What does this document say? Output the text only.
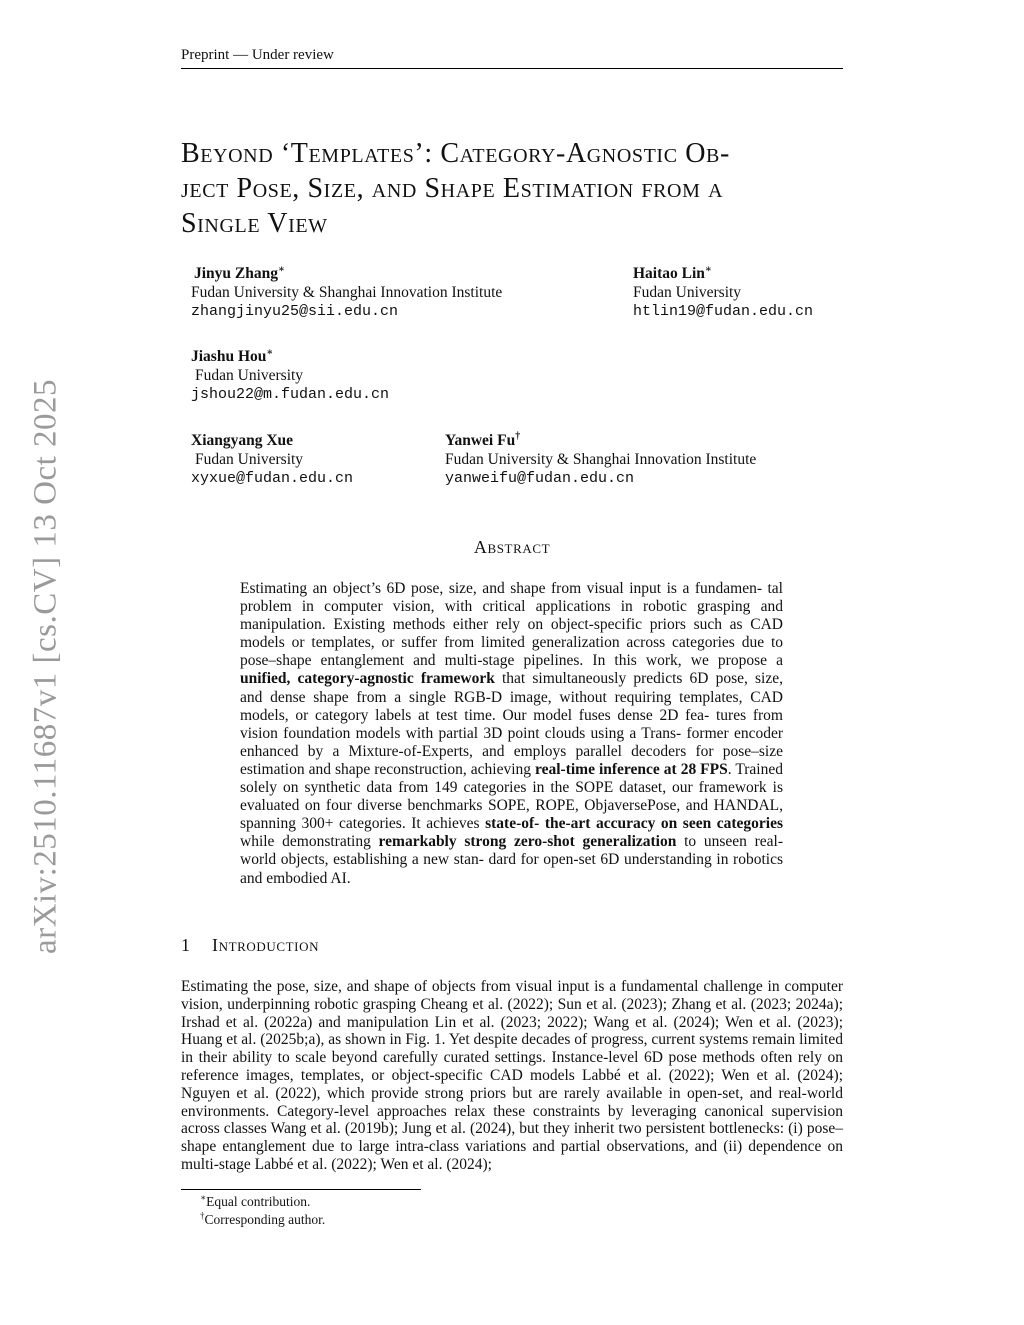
Preprint — Under review
arXiv:2510.11687v1 [cs.CV] 13 Oct 2025
Beyond ‘Templates’: Category-Agnostic Ob-
ject Pose, Size, and Shape Estimation from a
Single View
Jinyu Zhang∗
Fudan University & Shanghai Innovation Institute
zhangjinyu25@sii.edu.cn
Haitao Lin∗
Fudan University
htlin19@fudan.edu.cn
Jiashu Hou∗
Fudan University
jshou22@m.fudan.edu.cn
Xiangyang Xue
Fudan University
xyxue@fudan.edu.cn
Yanwei Fu†
Fudan University & Shanghai Innovation Institute
yanweifu@fudan.edu.cn
Abstract
Estimating an object’s 6D pose, size, and shape from visual input is a fundamen- tal problem in computer vision, with critical applications in robotic grasping and manipulation. Existing methods either rely on object-specific priors such as CAD models or templates, or suffer from limited generalization across categories due to pose–shape entanglement and multi-stage pipelines. In this work, we propose a unified, category-agnostic framework that simultaneously predicts 6D pose, size, and dense shape from a single RGB-D image, without requiring templates, CAD models, or category labels at test time. Our model fuses dense 2D fea- tures from vision foundation models with partial 3D point clouds using a Trans- former encoder enhanced by a Mixture-of-Experts, and employs parallel decoders for pose–size estimation and shape reconstruction, achieving real-time inference at 28 FPS. Trained solely on synthetic data from 149 categories in the SOPE dataset, our framework is evaluated on four diverse benchmarks SOPE, ROPE, ObjaversePose, and HANDAL, spanning 300+ categories. It achieves state-of- the-art accuracy on seen categories while demonstrating remarkably strong zero-shot generalization to unseen real-world objects, establishing a new stan- dard for open-set 6D understanding in robotics and embodied AI.
1 Introduction
Estimating the pose, size, and shape of objects from visual input is a fundamental challenge in computer vision, underpinning robotic grasping Cheang et al. (2022); Sun et al. (2023); Zhang et al. (2023; 2024a); Irshad et al. (2022a) and manipulation Lin et al. (2023; 2022); Wang et al. (2024); Wen et al. (2023); Huang et al. (2025b;a), as shown in Fig. 1. Yet despite decades of progress, current systems remain limited in their ability to scale beyond carefully curated settings. Instance-level 6D pose methods often rely on reference images, templates, or object-specific CAD models Labbé et al. (2022); Wen et al. (2024); Nguyen et al. (2022), which provide strong priors but are rarely available in open-set, and real-world environments. Category-level approaches relax these constraints by leveraging canonical supervision across classes Wang et al. (2019b); Jung et al. (2024), but they inherit two persistent bottlenecks: (i) pose–shape entanglement due to large intra-class variations and partial observations, and (ii) dependence on multi-stage Labbé et al. (2022); Wen et al. (2024);
∗Equal contribution.
†Corresponding author.
